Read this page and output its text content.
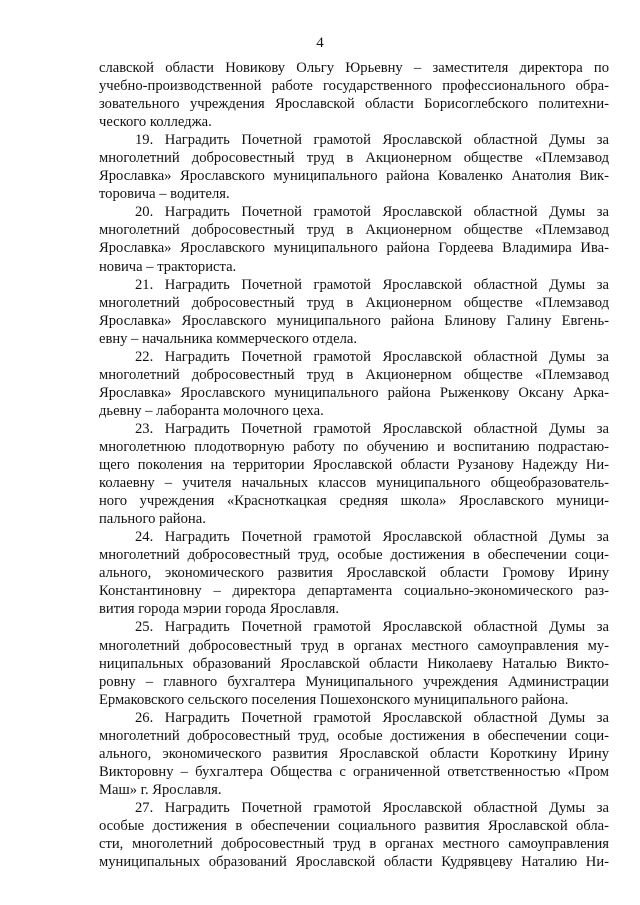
4
славской области Новикову Ольгу Юрьевну – заместителя директора по
учебно-производственной работе государственного профессионального обра-
зовательного учреждения Ярославской области Борисоглебского политехни-
ческого колледжа.
19. Наградить Почетной грамотой Ярославской областной Думы за
многолетний добросовестный труд в Акционерном обществе «Племзавод
Ярославка» Ярославского муниципального района Коваленко Анатолия Вик-
торовича – водителя.
20. Наградить Почетной грамотой Ярославской областной Думы за
многолетний добросовестный труд в Акционерном обществе «Племзавод
Ярославка» Ярославского муниципального района Гордеева Владимира Ива-
новича – тракториста.
21. Наградить Почетной грамотой Ярославской областной Думы за
многолетний добросовестный труд в Акционерном обществе «Племзавод
Ярославка» Ярославского муниципального района Блинову Галину Евгень-
евну – начальника коммерческого отдела.
22. Наградить Почетной грамотой Ярославской областной Думы за
многолетний добросовестный труд в Акционерном обществе «Племзавод
Ярославка» Ярославского муниципального района Рыженкову Оксану Арка-
дьевну – лаборанта молочного цеха.
23. Наградить Почетной грамотой Ярославской областной Думы за
многолетнюю плодотворную работу по обучению и воспитанию подрастаю-
щего поколения на территории Ярославской области Рузанову Надежду Ни-
колаевну – учителя начальных классов муниципального общеобразователь-
ного учреждения «Красноткацкая средняя школа» Ярославского муници-
пального района.
24. Наградить Почетной грамотой Ярославской областной Думы за
многолетний добросовестный труд, особые достижения в обеспечении соци-
ального, экономического развития Ярославской области Громову Ирину
Константиновну – директора департамента социально-экономического раз-
вития города мэрии города Ярославля.
25. Наградить Почетной грамотой Ярославской областной Думы за
многолетний добросовестный труд в органах местного самоуправления му-
ниципальных образований Ярославской области Николаеву Наталью Викто-
ровну – главного бухгалтера Муниципального учреждения Администрации
Ермаковского сельского поселения Пошехонского муниципального района.
26. Наградить Почетной грамотой Ярославской областной Думы за
многолетний добросовестный труд, особые достижения в обеспечении соци-
ального, экономического развития Ярославской области Короткину Ирину
Викторовну – бухгалтера Общества с ограниченной ответственностью «Пром
Маш» г. Ярославля.
27. Наградить Почетной грамотой Ярославской областной Думы за
особые достижения в обеспечении социального развития Ярославской обла-
сти, многолетний добросовестный труд в органах местного самоуправления
муниципальных образований Ярославской области Кудрявцеву Наталию Ни-
